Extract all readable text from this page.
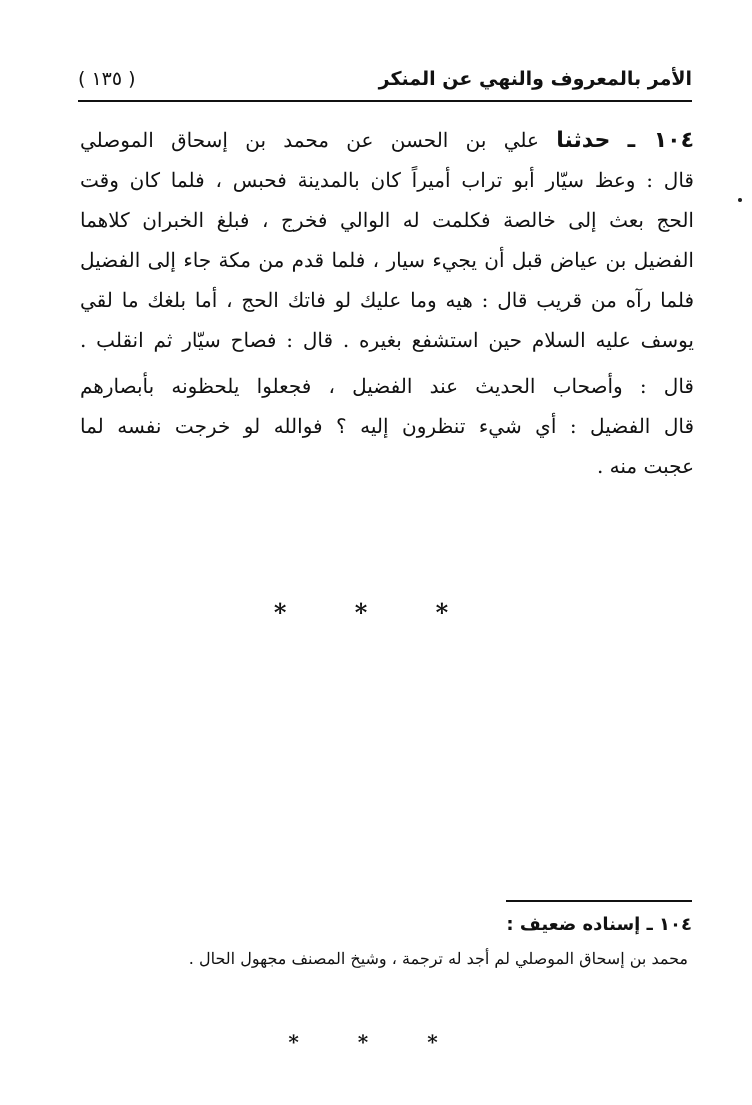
الأمر بالمعروف والنهي عن المنكر
( ١٣٥ )
١٠٤ ـ حدثنا علي بن الحسن عن محمد بن إسحاق الموصلي
قال : وعظ سيّار أبو تراب أميراً كان بالمدينة فحبس ، فلما كان وقت
الحج بعث إلى خالصة فكلمت له الوالي فخرج ، فبلغ الخبران كلاهما
الفضيل بن عياض قبل أن يجيء سيار ، فلما قدم من مكة جاء إلى الفضيل
فلما رآه من قريب قال : هيه وما عليك لو فاتك الحج ، أما بلغك ما لقي
يوسف عليه السلام حين استشفع بغيره . قال : فصاح سيّار ثم انقلب .
قال : وأصحاب الحديث عند الفضيل ، فجعلوا يلحظونه بأبصارهم
قال الفضيل : أي شيء تنظرون إليه ؟ فوالله لو خرجت نفسه لما
عجبت منه .
* * *
١٠٤ ـ إسناده ضعيف :
محمد بن إسحاق الموصلي لم أجد له ترجمة ، وشيخ المصنف مجهول الحال .
* * *
